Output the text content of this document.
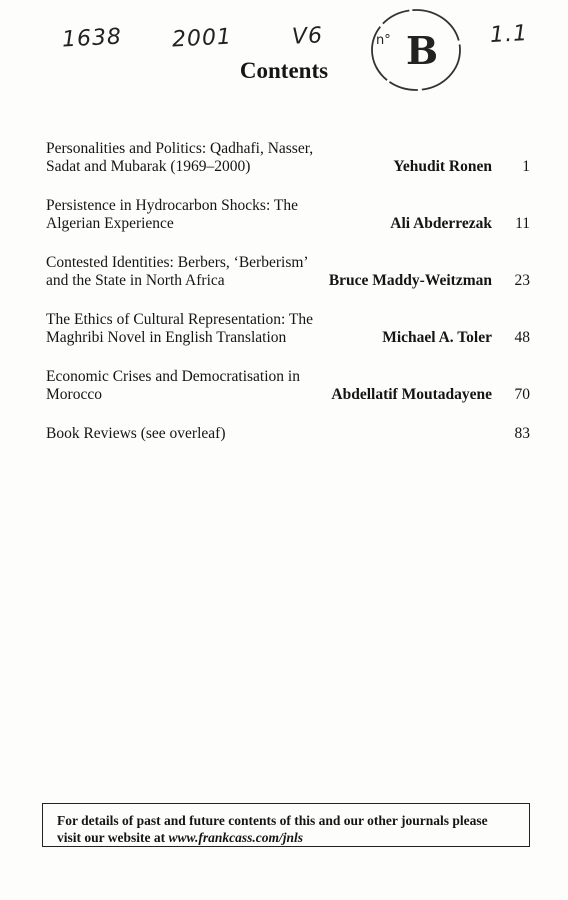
1638 2001	V6	1.1
n° B
Contents
Personalities and Politics: Qadhafi, Nasser, Sadat and Mubarak (1969–2000)	Yehudit Ronen 1
Persistence in Hydrocarbon Shocks: The Algerian Experience	Ali Abderrezak 11
Contested Identities: Berbers, ‘Berberism’ and the State in North Africa	Bruce Maddy-Weitzman 23
The Ethics of Cultural Representation: The Maghribi Novel in English Translation	Michael A. Toler 48
Economic Crises and Democratisation in Morocco	Abdellatif Moutadayene 70
Book Reviews (see overleaf)	83
For details of past and future contents of this and our other journals please visit our website at www.frankcass.com/jnls
